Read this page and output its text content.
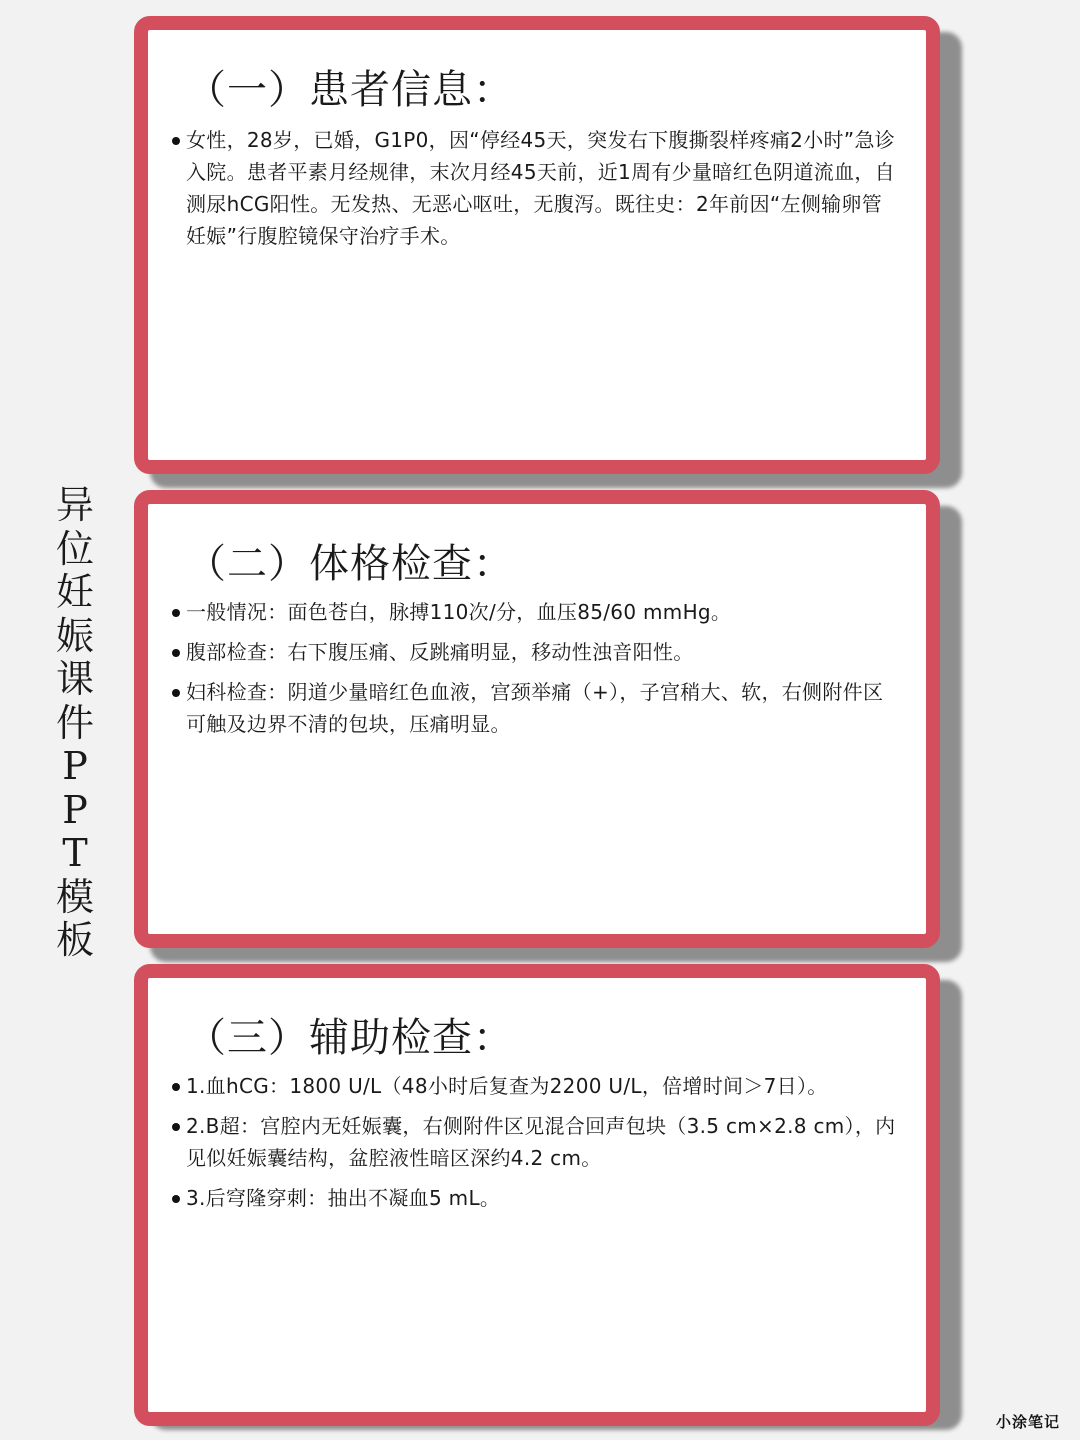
异
位
妊
娠
课
件
P
P
T
模
板
（一）患者信息：
女性，28岁，已婚，G1P0，因“停经45天，突发右下腹撕裂样疼痛2小时”急诊入院。患者平素月经规律，末次月经45天前，近1周有少量暗红色阴道流血，自测尿hCG阳性。无发热、无恶心呕吐，无腹泻。既往史：2年前因“左侧输卵管妊娠”行腹腔镜保守治疗手术。
（二）体格检查：
一般情况：面色苍白，脉搏110次/分，血压85/60 mmHg。
腹部检查：右下腹压痛、反跳痛明显，移动性浊音阳性。
妇科检查：阴道少量暗红色血液，宫颈举痛（+），子宫稍大、软，右侧附件区可触及边界不清的包块，压痛明显。
（三）辅助检查：
1.血hCG：1800 U/L（48小时后复查为2200 U/L，倍增时间＞7日）。
2.B超：宫腔内无妊娠囊，右侧附件区见混合回声包块（3.5 cm×2.8 cm），内见似妊娠囊结构，盆腔液性暗区深约4.2 cm。
3.后穹隆穿刺：抽出不凝血5 mL。
小涂笔记
